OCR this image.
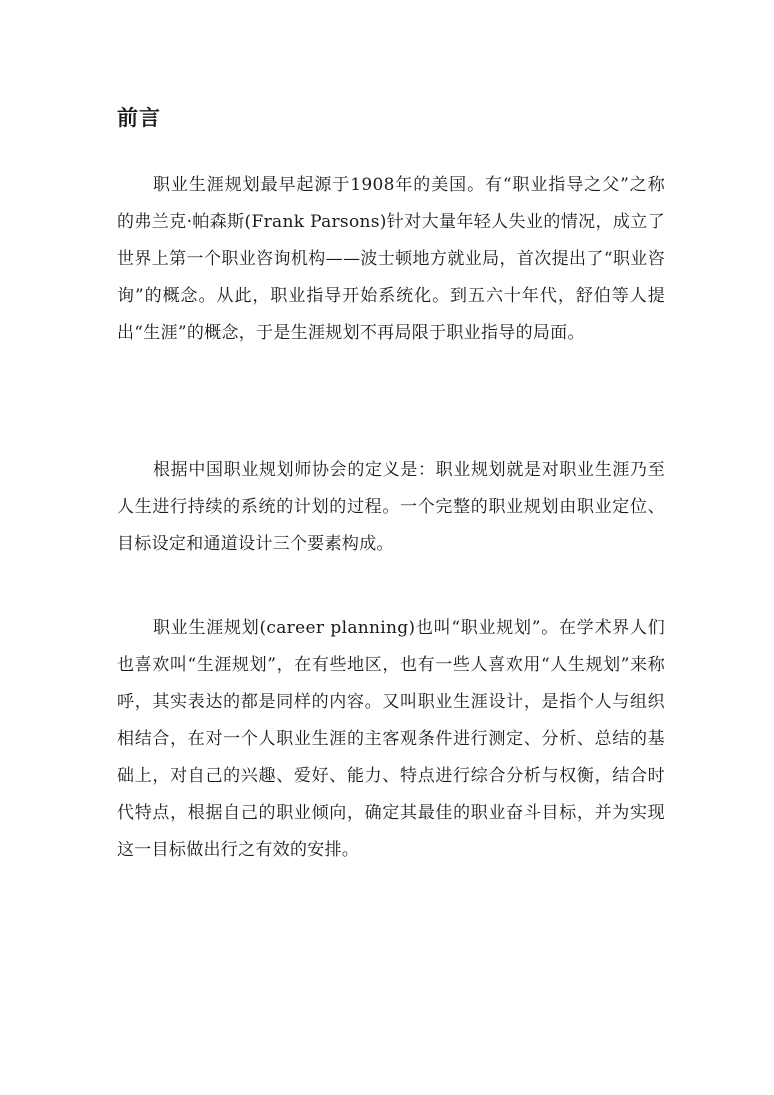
前言

职业生涯规划最早起源于1908年的美国。有“职业指导之父”之称的弗兰克·帕森斯(Frank Parsons)针对大量年轻人失业的情况，成立了世界上第一个职业咨询机构——波士顿地方就业局，首次提出了“职业咨询”的概念。从此，职业指导开始系统化。到五六十年代，舒伯等人提出“生涯”的概念，于是生涯规划不再局限于职业指导的局面。

根据中国职业规划师协会的定义是：职业规划就是对职业生涯乃至人生进行持续的系统的计划的过程。一个完整的职业规划由职业定位、目标设定和通道设计三个要素构成。

职业生涯规划(career planning)也叫“职业规划”。在学术界人们也喜欢叫“生涯规划”，在有些地区，也有一些人喜欢用“人生规划”来称呼，其实表达的都是同样的内容。又叫职业生涯设计，是指个人与组织相结合，在对一个人职业生涯的主客观条件进行测定、分析、总结的基础上，对自己的兴趣、爱好、能力、特点进行综合分析与权衡，结合时代特点，根据自己的职业倾向，确定其最佳的职业奋斗目标，并为实现这一目标做出行之有效的安排。
